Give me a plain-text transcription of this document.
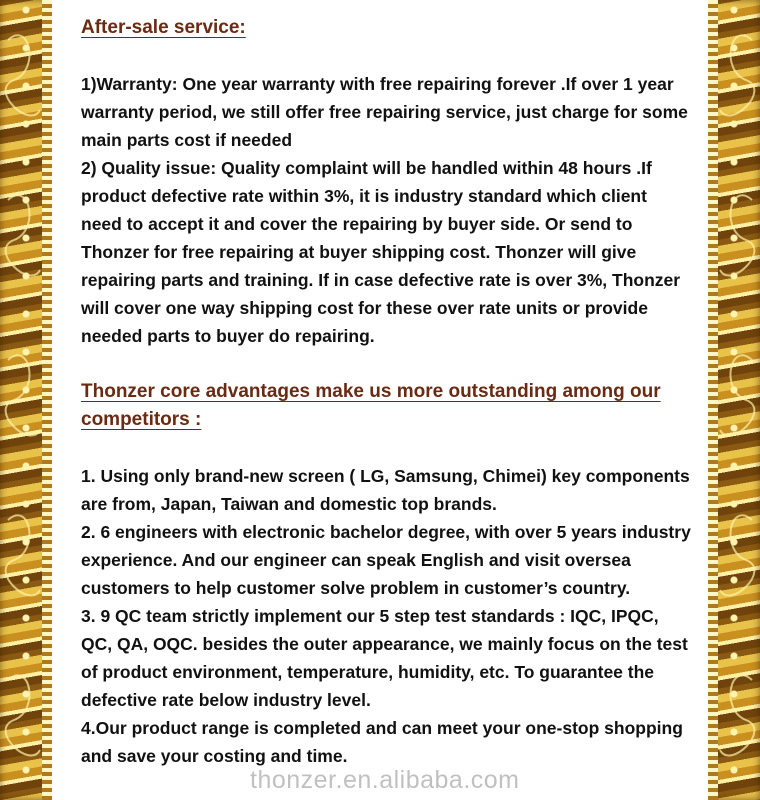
After-sale service:

1)Warranty: One year warranty with free repairing forever .If over 1 year warranty period, we still offer free repairing service, just charge for some main parts cost if needed

2) Quality issue: Quality complaint will be handled within 48 hours .If product defective rate within 3%, it is industry standard which client need to accept it and cover the repairing by buyer side. Or send to Thonzer for free repairing at buyer shipping cost. Thonzer will give repairing parts and training. If in case defective rate is over 3%, Thonzer will cover one way shipping cost for these over rate units or provide needed parts to buyer do repairing.

Thonzer core advantages make us more outstanding among our competitors :

1. Using only brand-new screen ( LG, Samsung, Chimei) key components are from, Japan, Taiwan and domestic top brands.

2. 6 engineers with electronic bachelor degree, with over 5 years industry experience. And our engineer can speak English and visit oversea customers to help customer solve problem in customer’s country.

3. 9 QC team strictly implement our 5 step test standards : IQC, IPQC, QC, QA, OQC. besides the outer appearance, we mainly focus on the test of product environment, temperature, humidity, etc. To guarantee the defective rate below industry level.

4.Our product range is completed and can meet your one-stop shopping and save your costing and time.

thonzer.en.alibaba.com
